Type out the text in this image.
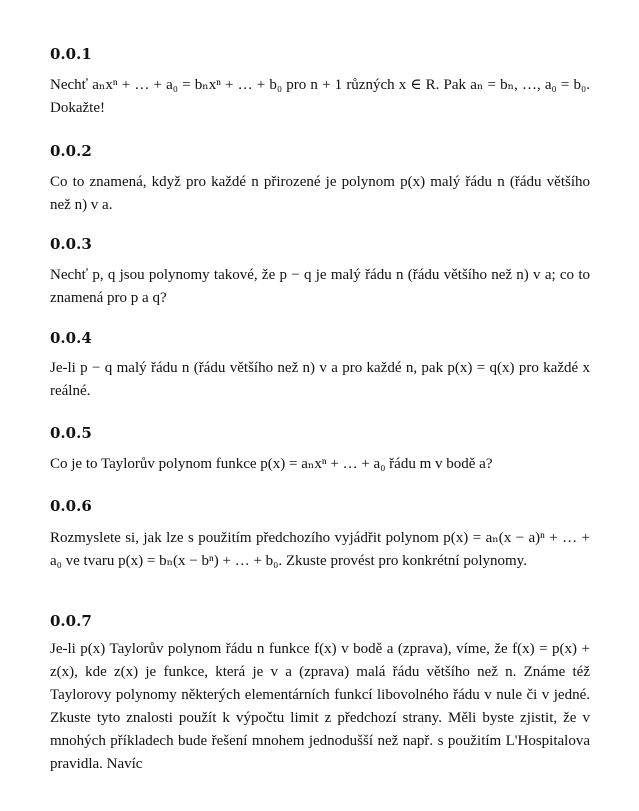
0.0.1

Nechť aₙxⁿ + … + a₀ = bₙxⁿ + … + b₀ pro n + 1 různých x ∈ R. Pak aₙ = bₙ, …, a₀ = b₀. Dokažte!

0.0.2

Co to znamená, když pro každé n přirozené je polynom p(x) malý řádu n (řádu většího než n) v a.

0.0.3

Nechť p, q jsou polynomy takové, že p − q je malý řádu n (řádu většího než n) v a; co to znamená pro p a q?

0.0.4

Je-li p − q malý řádu n (řádu většího než n) v a pro každé n, pak p(x) = q(x) pro každé x reálné.

0.0.5

Co je to Taylorův polynom funkce p(x) = aₙxⁿ + … + a₀ řádu m v bodě a?

0.0.6

Rozmyslete si, jak lze s použitím předchozího vyjádřit polynom p(x) = aₙ(x − a)ⁿ + … + a₀ ve tvaru p(x) = bₙ(x − bⁿ) + … + b₀. Zkuste provést pro konkrétní polynomy.

0.0.7

Je-li p(x) Taylorův polynom řádu n funkce f(x) v bodě a (zprava), víme, že f(x) = p(x) + z(x), kde z(x) je funkce, která je v a (zprava) malá řádu většího než n. Známe též Taylorovy polynomy některých elementárních funkcí libovolného řádu v nule či v jedné. Zkuste tyto znalosti použít k výpočtu limit z předchozí strany. Měli byste zjistit, že v mnohých příkladech bude řešení mnohem jednodušší než např. s použitím L'Hospitalova pravidla. Navíc
